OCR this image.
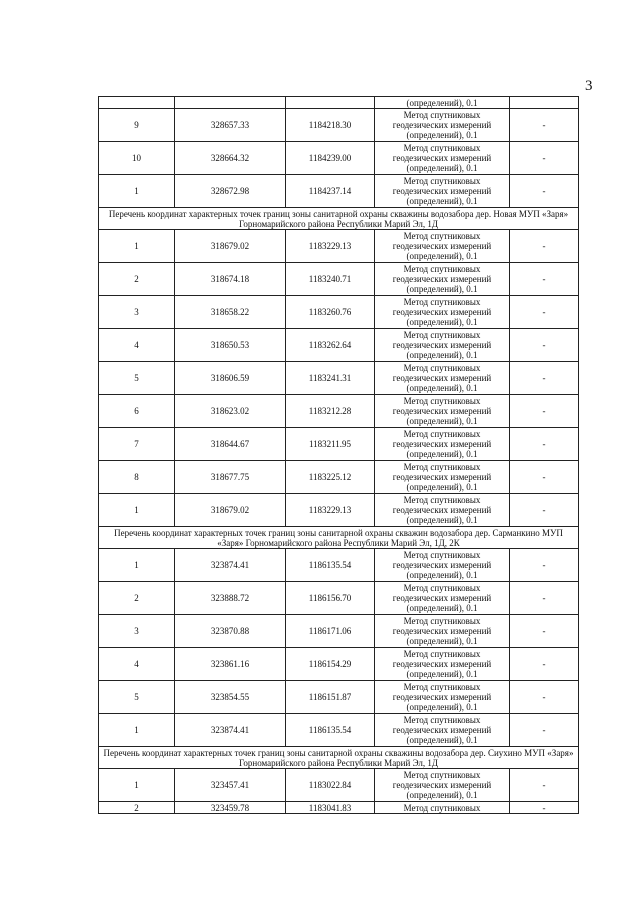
3

			(определений), 0.1	

9	328657.33	1184218.30	Метод спутниковых
геодезических измерений
(определений), 0.1	-
10	328664.32	1184239.00	Метод спутниковых
геодезических измерений
(определений), 0.1	-
1	328672.98	1184237.14	Метод спутниковых
геодезических измерений
(определений), 0.1	-
Перечень координат характерных точек границ зоны санитарной охраны скважины водозабора дер. Новая МУП «Заря» Горномарийского района Республики Марий Эл, 1Д				
1	318679.02	1183229.13	Метод спутниковых
геодезических измерений
(определений), 0.1	-
2	318674.18	1183240.71	Метод спутниковых
геодезических измерений
(определений), 0.1	-
3	318658.22	1183260.76	Метод спутниковых
геодезических измерений
(определений), 0.1	-
4	318650.53	1183262.64	Метод спутниковых
геодезических измерений
(определений), 0.1	-
5	318606.59	1183241.31	Метод спутниковых
геодезических измерений
(определений), 0.1	-
6	318623.02	1183212.28	Метод спутниковых
геодезических измерений
(определений), 0.1	-
7	318644.67	1183211.95	Метод спутниковых
геодезических измерений
(определений), 0.1	-
8	318677.75	1183225.12	Метод спутниковых
геодезических измерений
(определений), 0.1	-
1	318679.02	1183229.13	Метод спутниковых
геодезических измерений
(определений), 0.1	-
Перечень координат характерных точек границ зоны санитарной охраны скважин водозабора дер. Сарманкино МУП «Заря» Горномарийского района Республики Марий Эл, 1Д, 2К				
1	323874.41	1186135.54	Метод спутниковых
геодезических измерений
(определений), 0.1	-
2	323888.72	1186156.70	Метод спутниковых
геодезических измерений
(определений), 0.1	-
3	323870.88	1186171.06	Метод спутниковых
геодезических измерений
(определений), 0.1	-
4	323861.16	1186154.29	Метод спутниковых
геодезических измерений
(определений), 0.1	-
5	323854.55	1186151.87	Метод спутниковых
геодезических измерений
(определений), 0.1	-
1	323874.41	1186135.54	Метод спутниковых
геодезических измерений
(определений), 0.1	-
Перечень координат характерных точек границ зоны санитарной охраны скважины водозабора дер. Сиухино МУП «Заря» Горномарийского района Республики Марий Эл, 1Д				
1	323457.41	1183022.84	Метод спутниковых
геодезических измерений
(определений), 0.1	-
2	323459.78	1183041.83	Метод спутниковых	-
